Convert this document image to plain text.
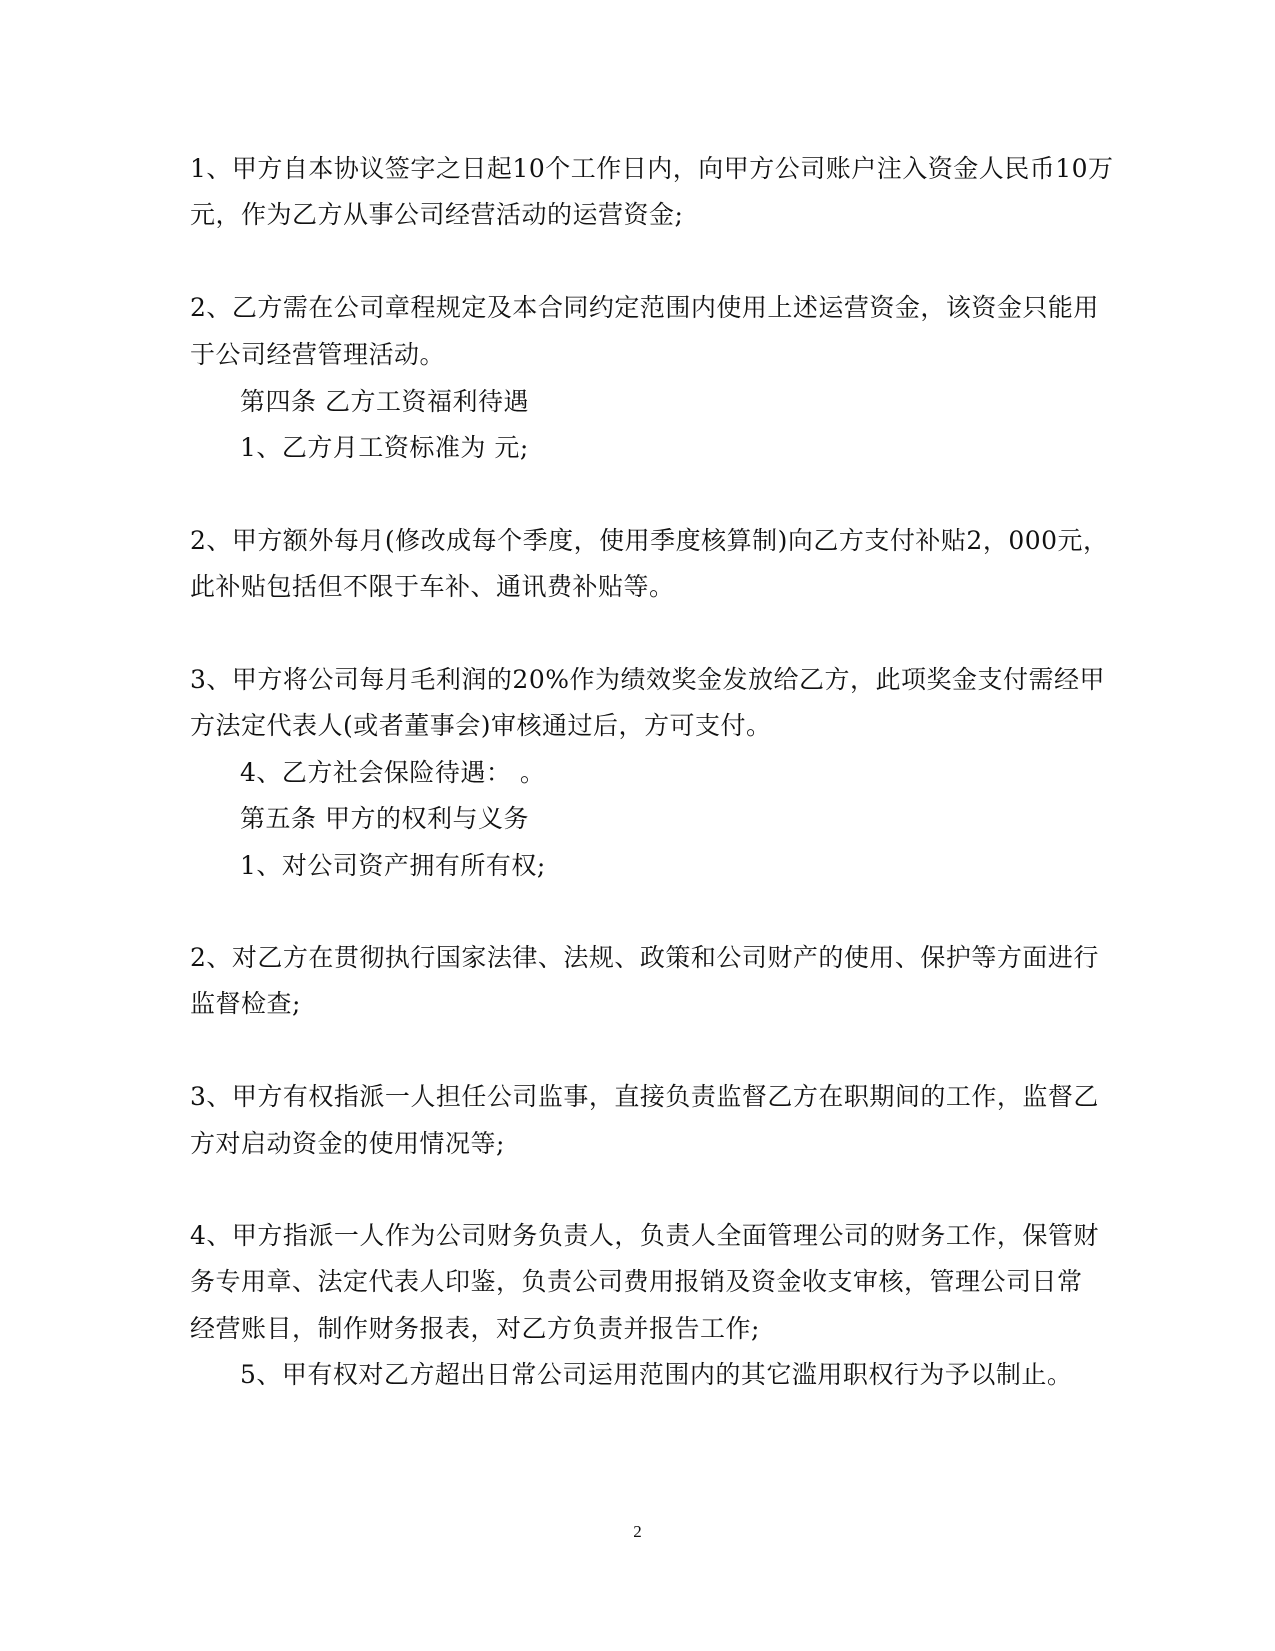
1、甲方自本协议签字之日起10个工作日内，向甲方公司账户注入资金人民币10万
元，作为乙方从事公司经营活动的运营资金;
2、乙方需在公司章程规定及本合同约定范围内使用上述运营资金，该资金只能用
于公司经营管理活动。
第四条 乙方工资福利待遇
1、乙方月工资标准为 元;
2、甲方额外每月(修改成每个季度，使用季度核算制)向乙方支付补贴2，000元，
此补贴包括但不限于车补、通讯费补贴等。
3、甲方将公司每月毛利润的20%作为绩效奖金发放给乙方，此项奖金支付需经甲
方法定代表人(或者董事会)审核通过后，方可支付。
4、乙方社会保险待遇： 。
第五条 甲方的权利与义务
1、对公司资产拥有所有权;
2、对乙方在贯彻执行国家法律、法规、政策和公司财产的使用、保护等方面进行
监督检查;
3、甲方有权指派一人担任公司监事，直接负责监督乙方在职期间的工作，监督乙
方对启动资金的使用情况等;
4、甲方指派一人作为公司财务负责人，负责人全面管理公司的财务工作，保管财
务专用章、法定代表人印鉴，负责公司费用报销及资金收支审核，管理公司日常
经营账目，制作财务报表，对乙方负责并报告工作;
5、甲有权对乙方超出日常公司运用范围内的其它滥用职权行为予以制止。
2
